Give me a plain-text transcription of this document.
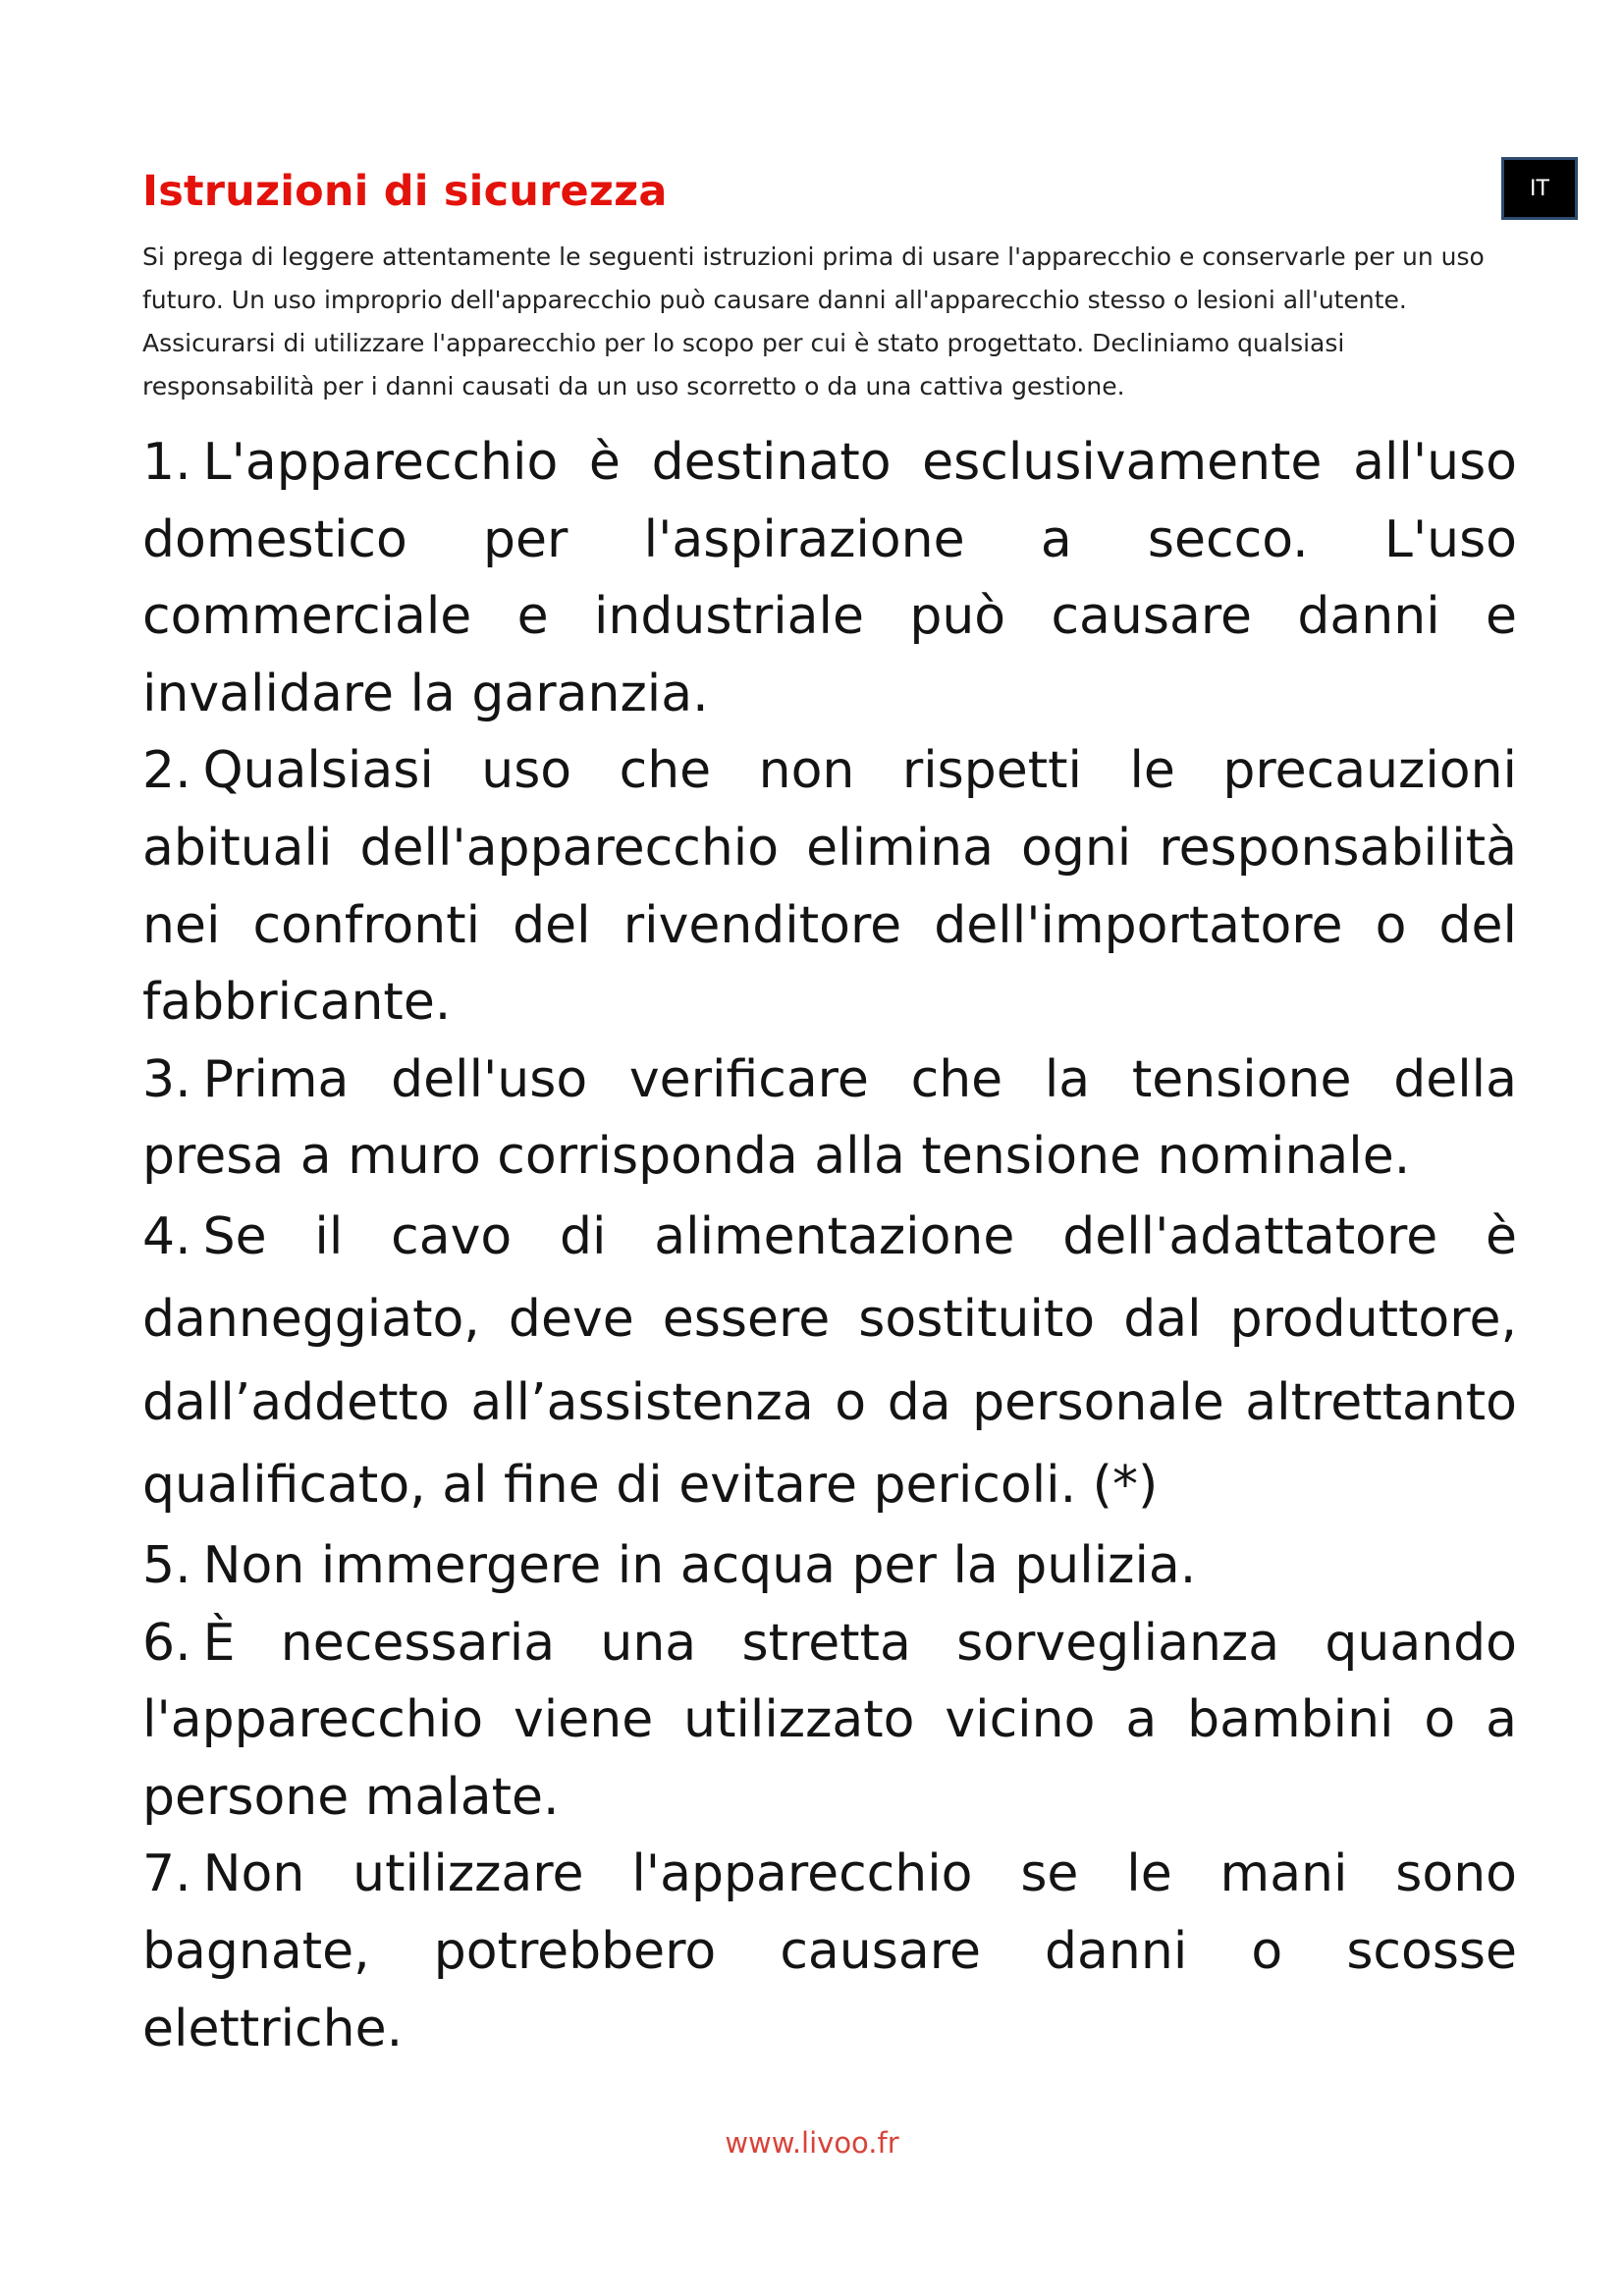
IT
Istruzioni di sicurezza

Si prega di leggere attentamente le seguenti istruzioni prima di usare l'apparecchio e conservarle per un uso futuro. Un uso improprio dell'apparecchio può causare danni all'apparecchio stesso o lesioni all'utente. Assicurarsi di utilizzare l'apparecchio per lo scopo per cui è stato progettato. Decliniamo qualsiasi responsabilità per i danni causati da un uso scorretto o da una cattiva gestione.

1. L'apparecchio è destinato esclusivamente all'uso domestico per l'aspirazione a secco. L'uso commerciale e industriale può causare danni e invalidare la garanzia.
2. Qualsiasi uso che non rispetti le precauzioni abituali dell'apparecchio elimina ogni responsabilità nei confronti del rivenditore dell'importatore o del fabbricante.
3. Prima dell'uso verificare che la tensione della presa a muro corrisponda alla tensione nominale.
4. Se il cavo di alimentazione dell'adattatore è danneggiato, deve essere sostituito dal produttore, dall’addetto all’assistenza o da personale altrettanto qualificato, al fine di evitare pericoli. (*)
5. Non immergere in acqua per la pulizia.
6. È necessaria una stretta sorveglianza quando l'apparecchio viene utilizzato vicino a bambini o a persone malate.
7. Non utilizzare l'apparecchio se le mani sono bagnate, potrebbero causare danni o scosse elettriche.
www.livoo.fr
